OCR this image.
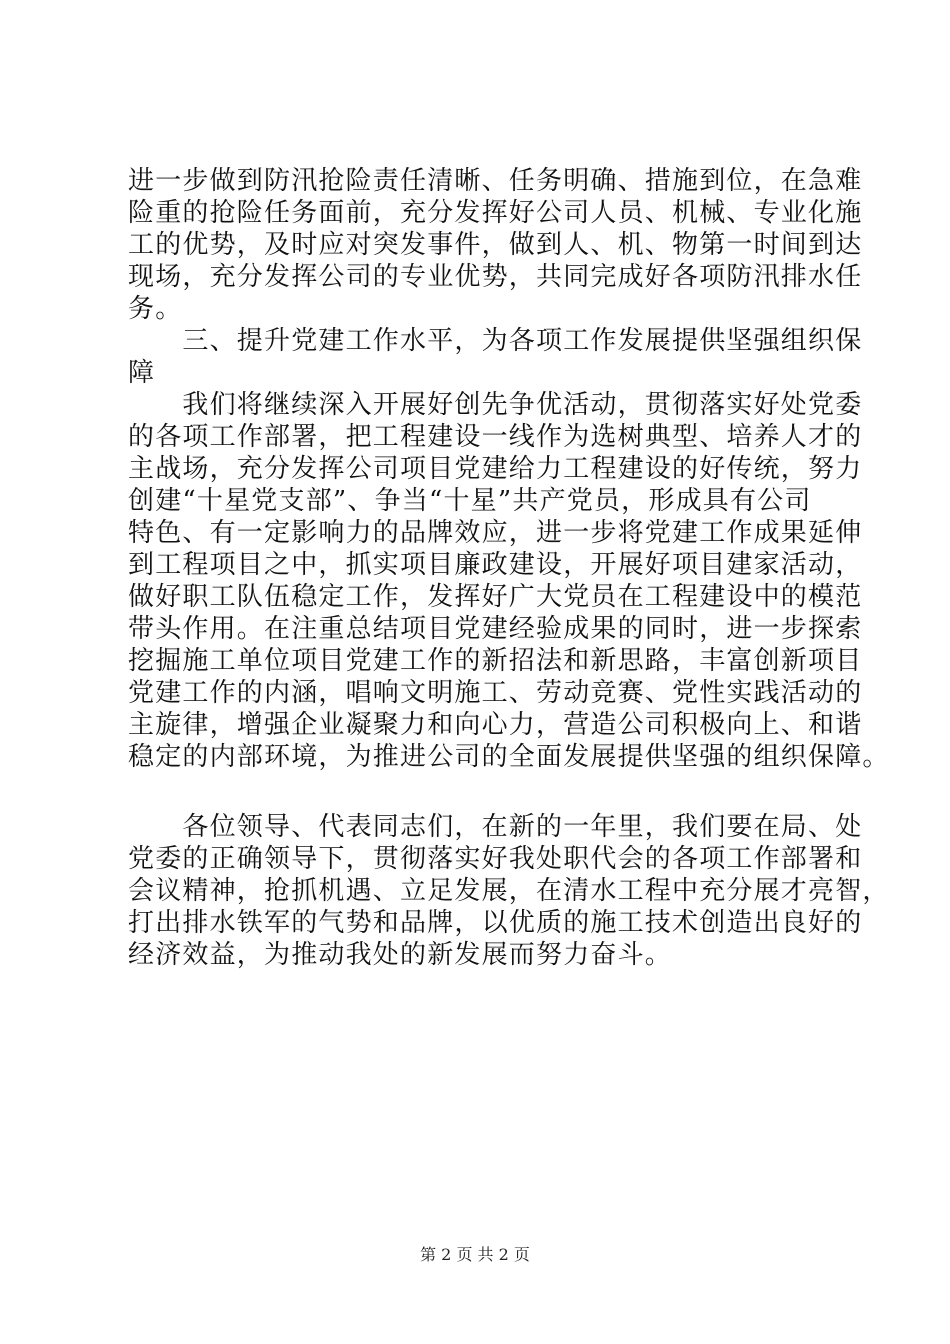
进一步做到防汛抢险责任清晰、任务明确、措施到位，在急难
险重的抢险任务面前，充分发挥好公司人员、机械、专业化施
工的优势，及时应对突发事件，做到人、机、物第一时间到达
现场，充分发挥公司的专业优势，共同完成好各项防汛排水任
务。
　　三、提升党建工作水平，为各项工作发展提供坚强组织保
障
　　我们将继续深入开展好创先争优活动，贯彻落实好处党委
的各项工作部署，把工程建设一线作为选树典型、培养人才的
主战场，充分发挥公司项目党建给力工程建设的好传统，努力
创建“十星党支部”、争当“十星”共产党员，形成具有公司
特色、有一定影响力的品牌效应，进一步将党建工作成果延伸
到工程项目之中，抓实项目廉政建设，开展好项目建家活动，
做好职工队伍稳定工作，发挥好广大党员在工程建设中的模范
带头作用。在注重总结项目党建经验成果的同时，进一步探索
挖掘施工单位项目党建工作的新招法和新思路，丰富创新项目
党建工作的内涵，唱响文明施工、劳动竞赛、党性实践活动的
主旋律，增强企业凝聚力和向心力，营造公司积极向上、和谐
稳定的内部环境，为推进公司的全面发展提供坚强的组织保障。
　　各位领导、代表同志们，在新的一年里，我们要在局、处
党委的正确领导下，贯彻落实好我处职代会的各项工作部署和
会议精神，抢抓机遇、立足发展，在清水工程中充分展才亮智，
打出排水铁军的气势和品牌，以优质的施工技术创造出良好的
经济效益，为推动我处的新发展而努力奋斗。
第 2 页 共 2 页
